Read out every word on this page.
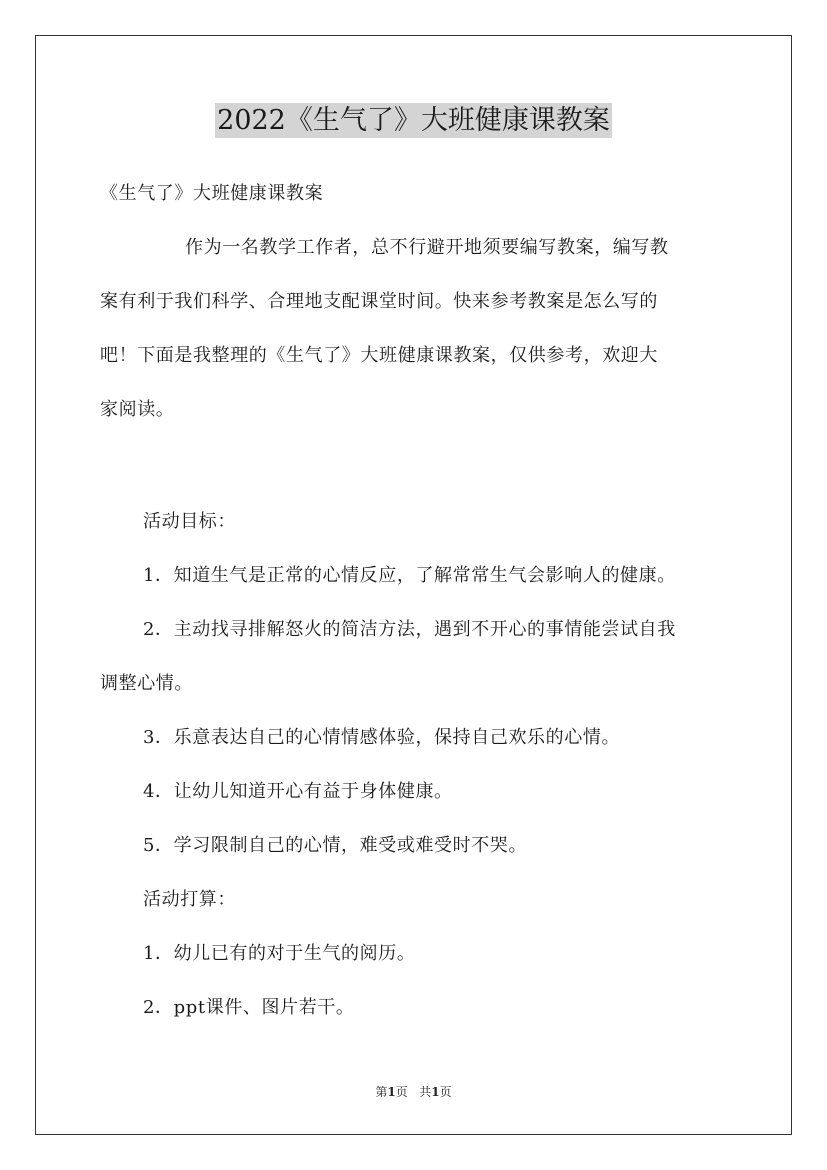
2022《生气了》大班健康课教案
《生气了》大班健康课教案
作为一名教学工作者，总不行避开地须要编写教案，编写教
案有利于我们科学、合理地支配课堂时间。快来参考教案是怎么写的
吧！下面是我整理的《生气了》大班健康课教案，仅供参考，欢迎大
家阅读。
活动目标：
1．知道生气是正常的心情反应，了解常常生气会影响人的健康。
2．主动找寻排解怒火的简洁方法，遇到不开心的事情能尝试自我
调整心情。
3．乐意表达自己的心情情感体验，保持自己欢乐的心情。
4．让幼儿知道开心有益于身体健康。
5．学习限制自己的心情，难受或难受时不哭。
活动打算：
1．幼儿已有的对于生气的阅历。
2．ppt课件、图片若干。
第1页 共1页
